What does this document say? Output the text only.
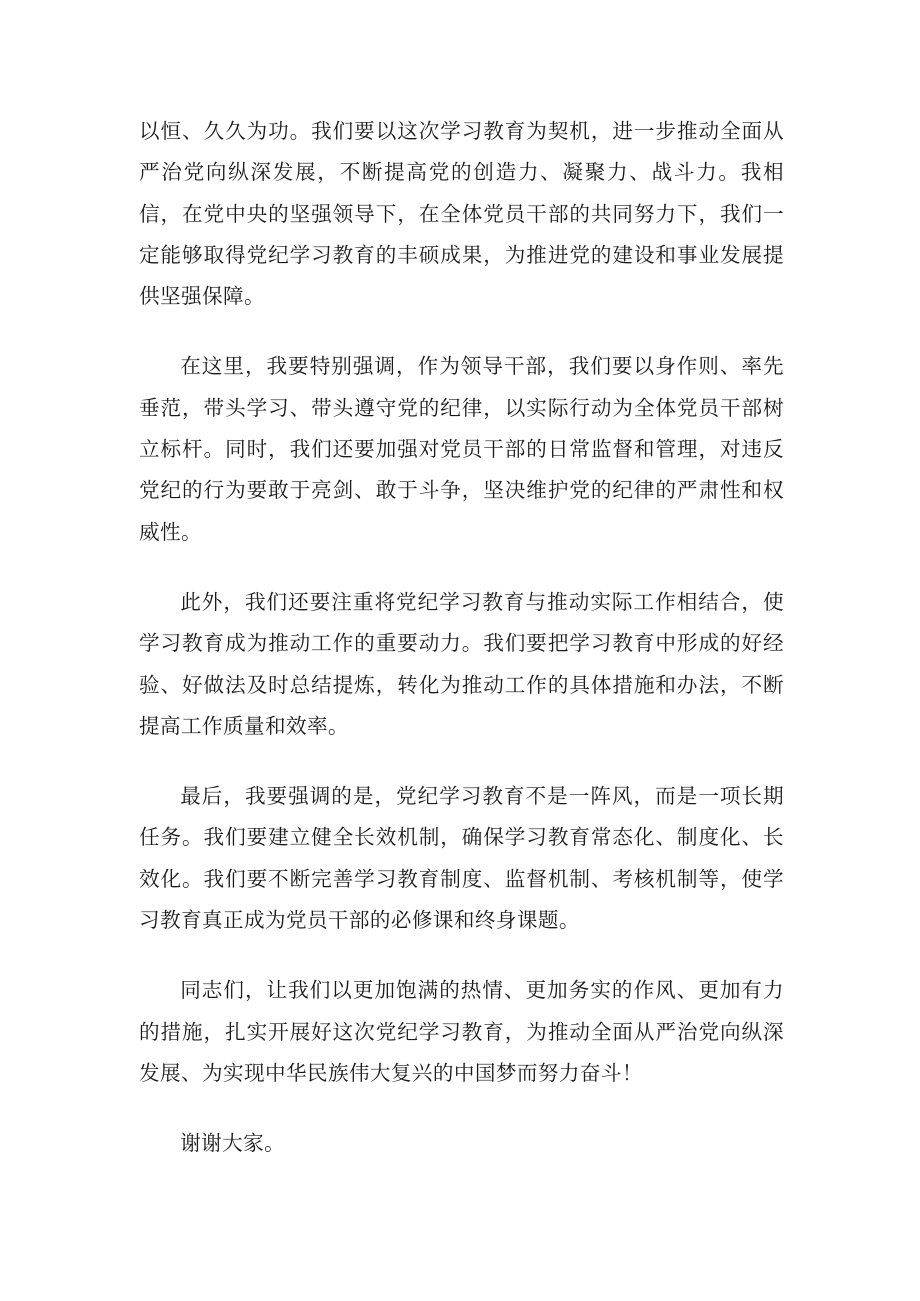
以恒、久久为功。我们要以这次学习教育为契机，进一步推动全面从严治党向纵深发展，不断提高党的创造力、凝聚力、战斗力。我相信，在党中央的坚强领导下，在全体党员干部的共同努力下，我们一定能够取得党纪学习教育的丰硕成果，为推进党的建设和事业发展提供坚强保障。

在这里，我要特别强调，作为领导干部，我们要以身作则、率先垂范，带头学习、带头遵守党的纪律，以实际行动为全体党员干部树立标杆。同时，我们还要加强对党员干部的日常监督和管理，对违反党纪的行为要敢于亮剑、敢于斗争，坚决维护党的纪律的严肃性和权威性。

此外，我们还要注重将党纪学习教育与推动实际工作相结合，使学习教育成为推动工作的重要动力。我们要把学习教育中形成的好经验、好做法及时总结提炼，转化为推动工作的具体措施和办法，不断提高工作质量和效率。

最后，我要强调的是，党纪学习教育不是一阵风，而是一项长期任务。我们要建立健全长效机制，确保学习教育常态化、制度化、长效化。我们要不断完善学习教育制度、监督机制、考核机制等，使学习教育真正成为党员干部的必修课和终身课题。

同志们，让我们以更加饱满的热情、更加务实的作风、更加有力的措施，扎实开展好这次党纪学习教育，为推动全面从严治党向纵深发展、为实现中华民族伟大复兴的中国梦而努力奋斗！

谢谢大家。
